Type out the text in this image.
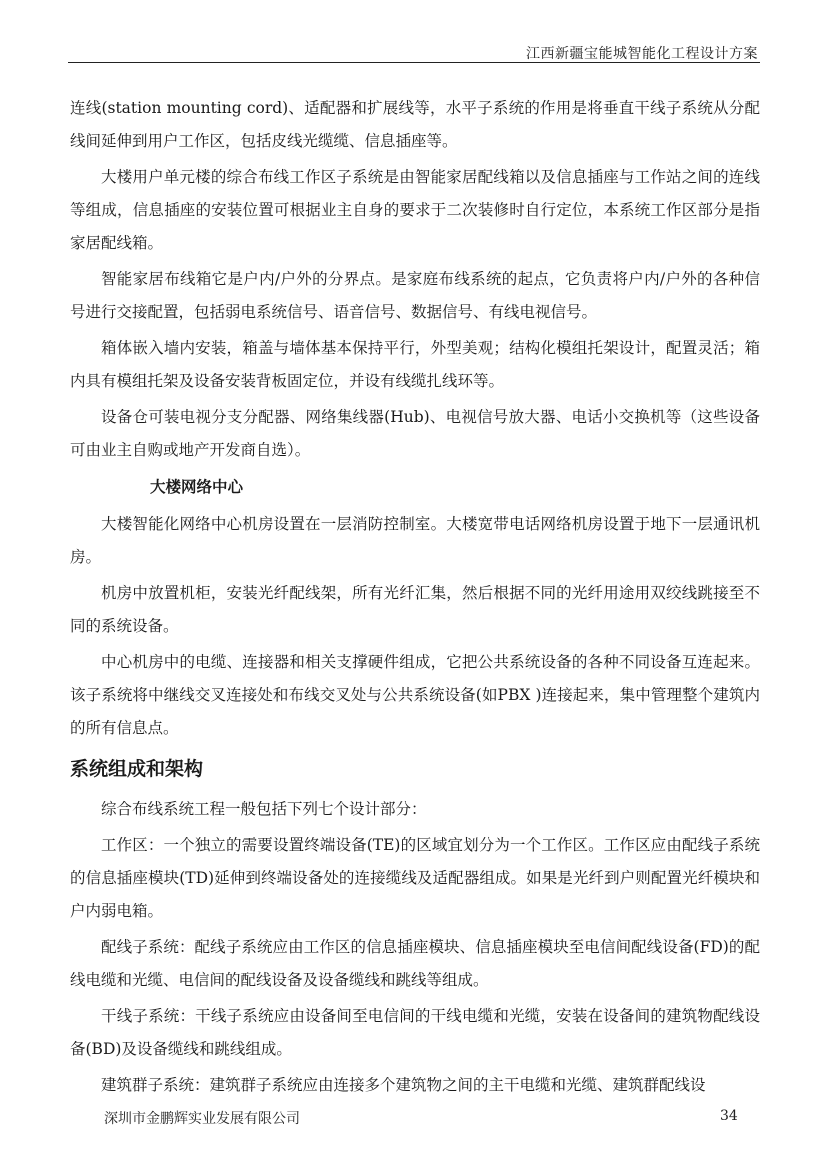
江西新疆宝能城智能化工程设计方案

连线(station mounting cord)、适配器和扩展线等，水平子系统的作用是将垂直干线子系统从分配线间延伸到用户工作区，包括皮线光缆缆、信息插座等。

大楼用户单元楼的综合布线工作区子系统是由智能家居配线箱以及信息插座与工作站之间的连线等组成，信息插座的安装位置可根据业主自身的要求于二次装修时自行定位，本系统工作区部分是指家居配线箱。

智能家居布线箱它是户内/户外的分界点。是家庭布线系统的起点，它负责将户内/户外的各种信号进行交接配置，包括弱电系统信号、语音信号、数据信号、有线电视信号。

箱体嵌入墙内安装，箱盖与墙体基本保持平行，外型美观；结构化模组托架设计，配置灵活；箱内具有模组托架及设备安装背板固定位，并设有线缆扎线环等。

设备仓可装电视分支分配器、网络集线器(Hub)、电视信号放大器、电话小交换机等（这些设备可由业主自购或地产开发商自选）。

大楼网络中心

大楼智能化网络中心机房设置在一层消防控制室。大楼宽带电话网络机房设置于地下一层通讯机房。

机房中放置机柜，安装光纤配线架，所有光纤汇集，然后根据不同的光纤用途用双绞线跳接至不同的系统设备。

中心机房中的电缆、连接器和相关支撑硬件组成，它把公共系统设备的各种不同设备互连起来。该子系统将中继线交叉连接处和布线交叉处与公共系统设备(如PBX )连接起来，集中管理整个建筑内的所有信息点。

系统组成和架构

综合布线系统工程一般包括下列七个设计部分：

工作区：一个独立的需要设置终端设备(TE)的区域宜划分为一个工作区。工作区应由配线子系统的信息插座模块(TD)延伸到终端设备处的连接缆线及适配器组成。如果是光纤到户则配置光纤模块和户内弱电箱。

配线子系统：配线子系统应由工作区的信息插座模块、信息插座模块至电信间配线设备(FD)的配线电缆和光缆、电信间的配线设备及设备缆线和跳线等组成。

干线子系统：干线子系统应由设备间至电信间的干线电缆和光缆，安装在设备间的建筑物配线设备(BD)及设备缆线和跳线组成。

建筑群子系统：建筑群子系统应由连接多个建筑物之间的主干电缆和光缆、建筑群配线设

深圳市金鹏辉实业发展有限公司	34
